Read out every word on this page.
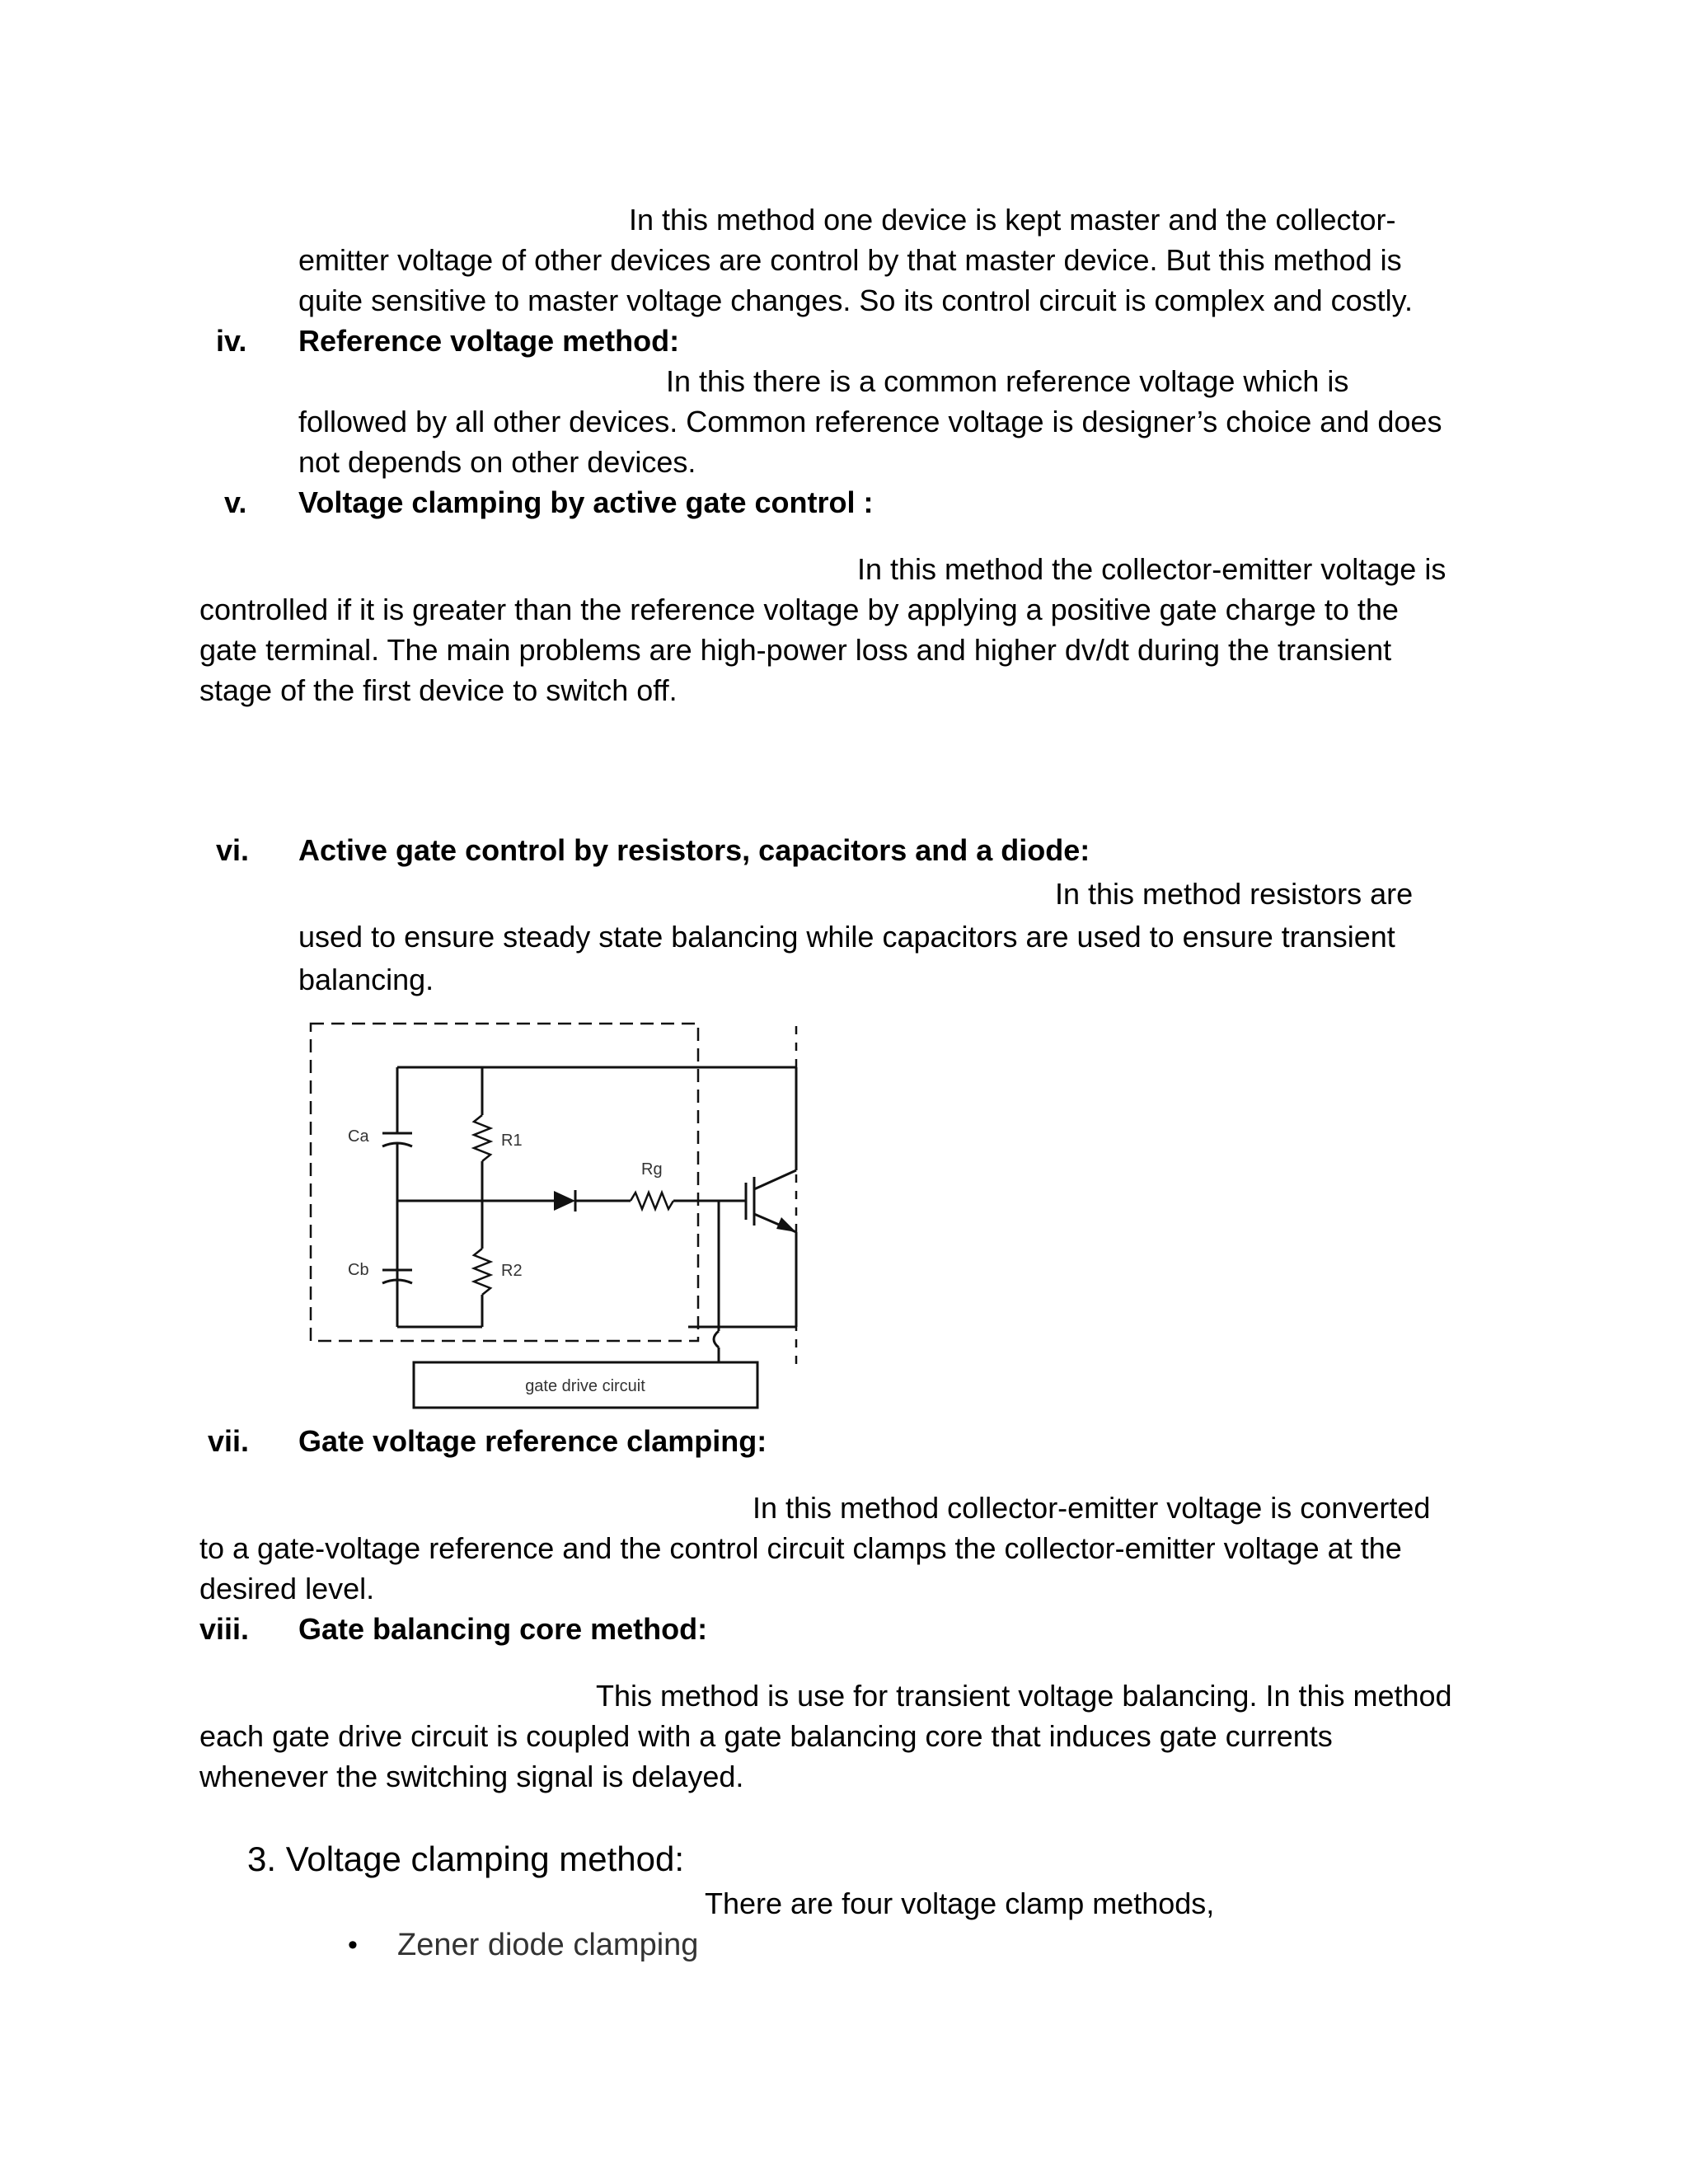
In this method one device is kept master and the collector-
emitter voltage of other devices are control by that master device. But this method is
quite sensitive to master voltage changes. So its control circuit is complex and costly.
iv. Reference voltage method:
In this there is a common reference voltage which is
followed by all other devices. Common reference voltage is designer’s choice and does
not depends on other devices.
v. Voltage clamping by active gate control :
In this method the collector-emitter voltage is
controlled if it is greater than the reference voltage by applying a positive gate charge to the
gate terminal. The main problems are high-power loss and higher dv/dt during the transient
stage of the first device to switch off.
vi. Active gate control by resistors, capacitors and a diode:
In this method resistors are
used to ensure steady state balancing while capacitors are used to ensure transient
balancing.
Ca
Cb
R1
R2
Rg
gate drive circuit
vii. Gate voltage reference clamping:
In this method collector-emitter voltage is converted
to a gate-voltage reference and the control circuit clamps the collector-emitter voltage at the
desired level.
viii. Gate balancing core method:
This method is use for transient voltage balancing. In this method
each gate drive circuit is coupled with a gate balancing core that induces gate currents
whenever the switching signal is delayed.
3. Voltage clamping method:
There are four voltage clamp methods,
• Zener diode clamping
